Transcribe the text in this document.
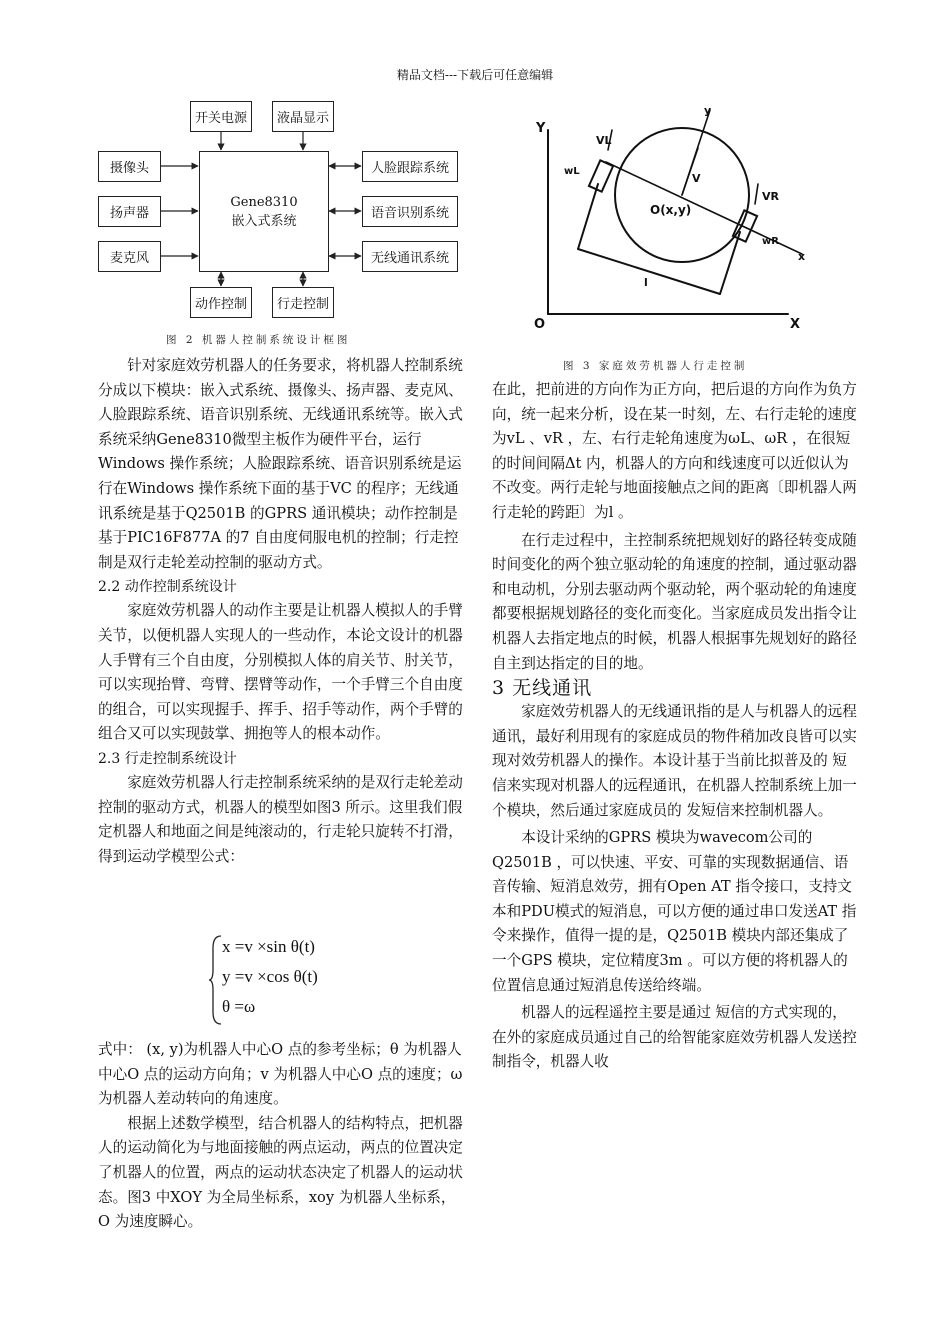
精品文档---下载后可任意编辑
开关电源	液晶显示
摄像头
扬声器
麦克风
Gene8310
嵌入式系统
人脸跟踪系统
语音识别系统
无线通讯系统
动作控制	行走控制
图 2 机器人控制系统设计框图
Y
X
O
y
x
O(x,y)
VL
VR
V
wL
wR
l
图 3 家庭效劳机器人行走控制

针对家庭效劳机器人的任务要求，将机器人控制系统分成以下模块：嵌入式系统、摄像头、扬声器、麦克风、人脸跟踪系统、语音识别系统、无线通讯系统等。嵌入式系统采纳Gene8310微型主板作为硬件平台，运行Windows 操作系统；人脸跟踪系统、语音识别系统是运行在Windows 操作系统下面的基于VC 的程序；无线通讯系统是基于Q2501B 的GPRS 通讯模块；动作控制是基于PIC16F877A 的7 自由度伺服电机的控制；行走控制是双行走轮差动控制的驱动方式。

2.2 动作控制系统设计

家庭效劳机器人的动作主要是让机器人模拟人的手臂关节，以便机器人实现人的一些动作，本论文设计的机器人手臂有三个自由度，分别模拟人体的肩关节、肘关节，可以实现抬臂、弯臂、摆臂等动作，一个手臂三个自由度的组合，可以实现握手、挥手、招手等动作，两个手臂的组合又可以实现鼓掌、拥抱等人的根本动作。

2.3 行走控制系统设计

家庭效劳机器人行走控制系统采纳的是双行走轮差动控制的驱动方式，机器人的模型如图3 所示。这里我们假定机器人和地面之间是纯滚动的，行走轮只旋转不打滑，得到运动学模型公式：

x =v ×sin θ(t)
y =v ×cos θ(t)
θ =ω

式中： (x, y)为机器人中心O 点的参考坐标；θ 为机器人中心O 点的运动方向角；v 为机器人中心O 点的速度；ω 为机器人差动转向的角速度。

根据上述数学模型，结合机器人的结构特点，把机器人的运动简化为与地面接触的两点运动，两点的位置决定了机器人的位置，两点的运动状态决定了机器人的运动状态。图3 中XOY 为全局坐标系，xoy 为机器人坐标系，O 为速度瞬心。

在此，把前进的方向作为正方向，把后退的方向作为负方向，统一起来分析，设在某一时刻，左、右行走轮的速度为vL 、vR ，左、右行走轮角速度为ωL、ωR ，在很短的时间间隔Δt 内，机器人的方向和线速度可以近似认为不改变。两行走轮与地面接触点之间的距离〔即机器人两行走轮的跨距〕为l 。

在行走过程中，主控制系统把规划好的路径转变成随时间变化的两个独立驱动轮的角速度的控制，通过驱动器和电动机，分别去驱动两个驱动轮，两个驱动轮的角速度都要根据规划路径的变化而变化。当家庭成员发出指令让机器人去指定地点的时候，机器人根据事先规划好的路径自主到达指定的目的地。

3 无线通讯

家庭效劳机器人的无线通讯指的是人与机器人的远程通讯，最好利用现有的家庭成员的物件稍加改良皆可以实现对效劳机器人的操作。本设计基于当前比拟普及的 短信来实现对机器人的远程通讯，在机器人控制系统上加一个模块，然后通过家庭成员的 发短信来控制机器人。

本设计采纳的GPRS 模块为wavecom公司的Q2501B ，可以快速、平安、可靠的实现数据通信、语音传输、短消息效劳，拥有Open AT 指令接口，支持文本和PDU模式的短消息，可以方便的通过串口发送AT 指令来操作，值得一提的是，Q2501B 模块内部还集成了一个GPS 模块，定位精度3m 。可以方便的将机器人的位置信息通过短消息传送给终端。

机器人的远程遥控主要是通过 短信的方式实现的，在外的家庭成员通过自己的给智能家庭效劳机器人发送控制指令，机器人收
